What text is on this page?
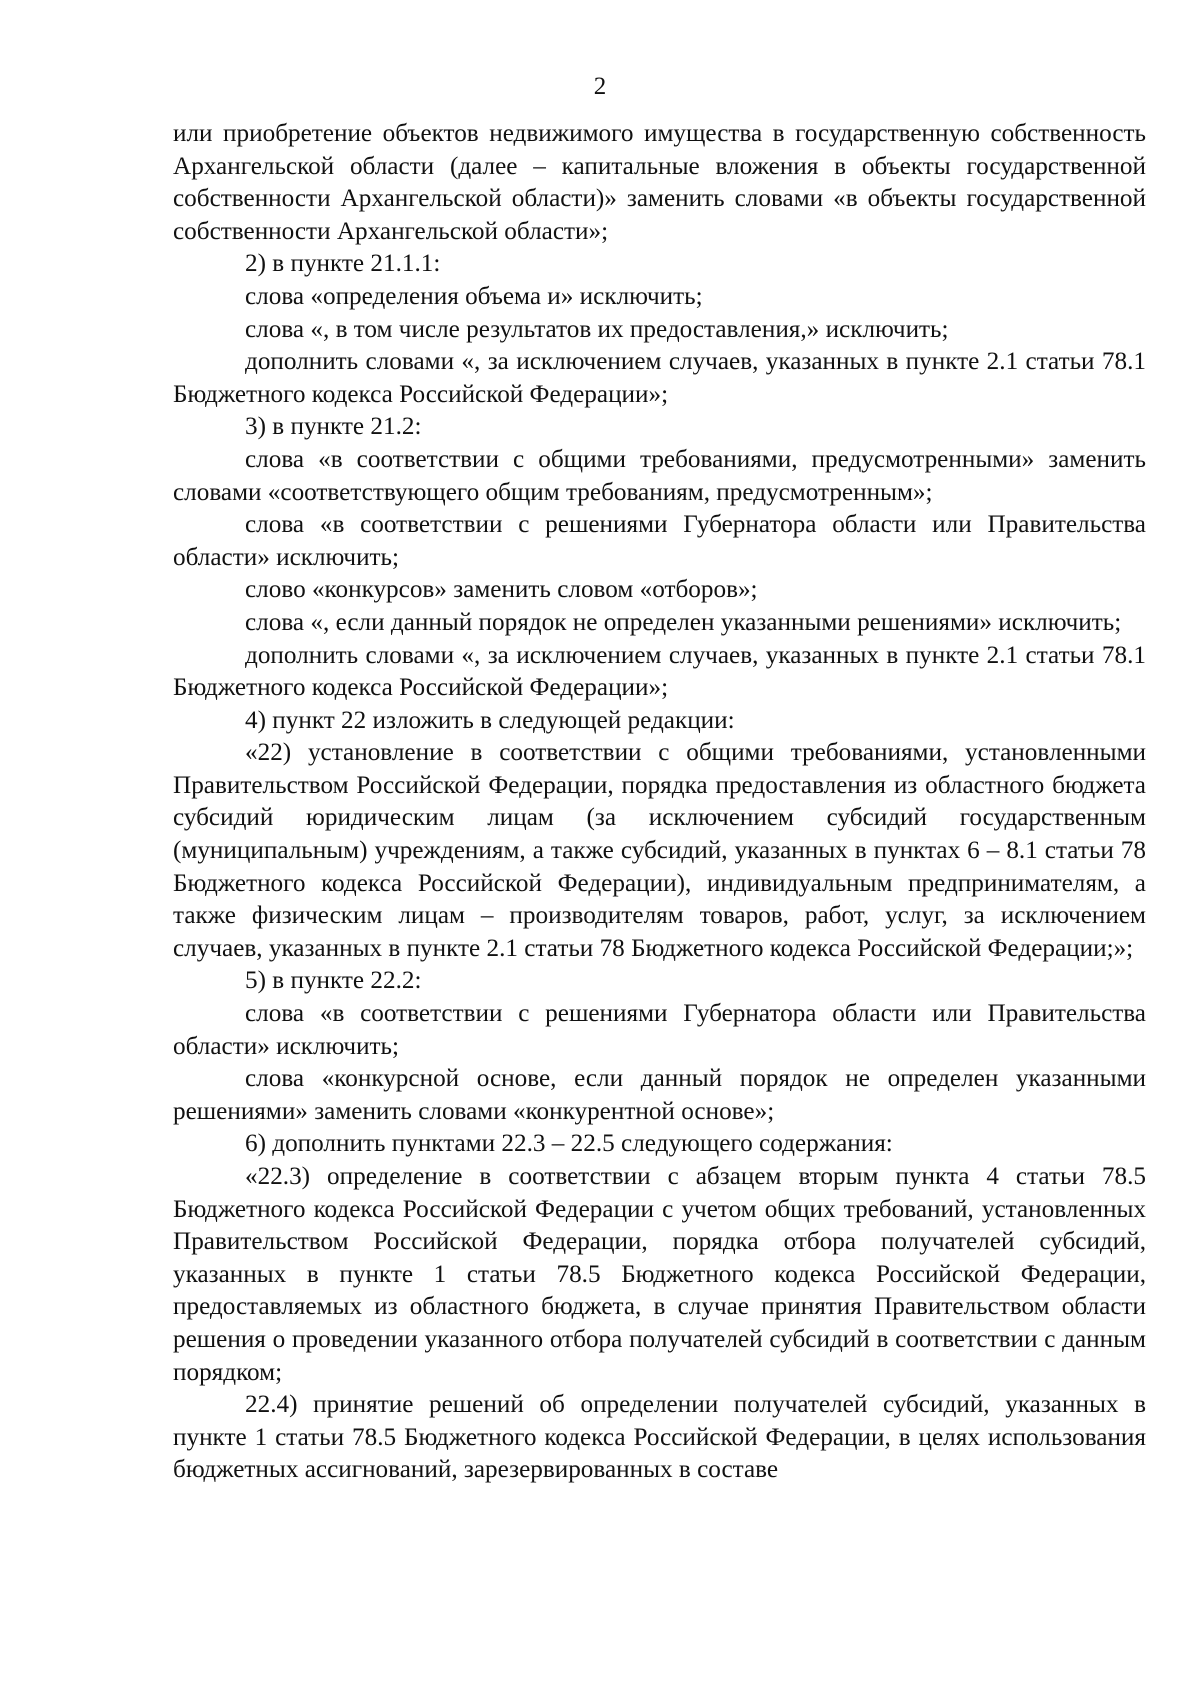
2

или приобретение объектов недвижимого имущества в государственную собственность Архангельской области (далее – капитальные вложения в объекты государственной собственности Архангельской области)» заменить словами «в объекты государственной собственности Архангельской области»;

2) в пункте 21.1.1:

слова «определения объема и» исключить;

слова «, в том числе результатов их предоставления,» исключить;

дополнить словами «, за исключением случаев, указанных в пункте 2.1 статьи 78.1 Бюджетного кодекса Российской Федерации»;

3) в пункте 21.2:

слова «в соответствии с общими требованиями, предусмотренными» заменить словами «соответствующего общим требованиям, предусмотренным»;

слова «в соответствии с решениями Губернатора области или Правительства области» исключить;

слово «конкурсов» заменить словом «отборов»;

слова «, если данный порядок не определен указанными решениями» исключить;

дополнить словами «, за исключением случаев, указанных в пункте 2.1 статьи 78.1 Бюджетного кодекса Российской Федерации»;

4) пункт 22 изложить в следующей редакции:

«22) установление в соответствии с общими требованиями, установленными Правительством Российской Федерации, порядка предоставления из областного бюджета субсидий юридическим лицам (за исключением субсидий государственным (муниципальным) учреждениям, а также субсидий, указанных в пунктах 6 – 8.1 статьи 78 Бюджетного кодекса Российской Федерации), индивидуальным предпринимателям, а также физическим лицам – производителям товаров, работ, услуг, за исключением случаев, указанных в пункте 2.1 статьи 78 Бюджетного кодекса Российской Федерации;»;

5) в пункте 22.2:

слова «в соответствии с решениями Губернатора области или Правительства области» исключить;

слова «конкурсной основе, если данный порядок не определен указанными решениями» заменить словами «конкурентной основе»;

6) дополнить пунктами 22.3 – 22.5 следующего содержания:

«22.3) определение в соответствии с абзацем вторым пункта 4 статьи 78.5 Бюджетного кодекса Российской Федерации с учетом общих требований, установленных Правительством Российской Федерации, порядка отбора получателей субсидий, указанных в пункте 1 статьи 78.5 Бюджетного кодекса Российской Федерации, предоставляемых из областного бюджета, в случае принятия Правительством области решения о проведении указанного отбора получателей субсидий в соответствии с данным порядком;

22.4) принятие решений об определении получателей субсидий, указанных в пункте 1 статьи 78.5 Бюджетного кодекса Российской Федерации, в целях использования бюджетных ассигнований, зарезервированных в составе
